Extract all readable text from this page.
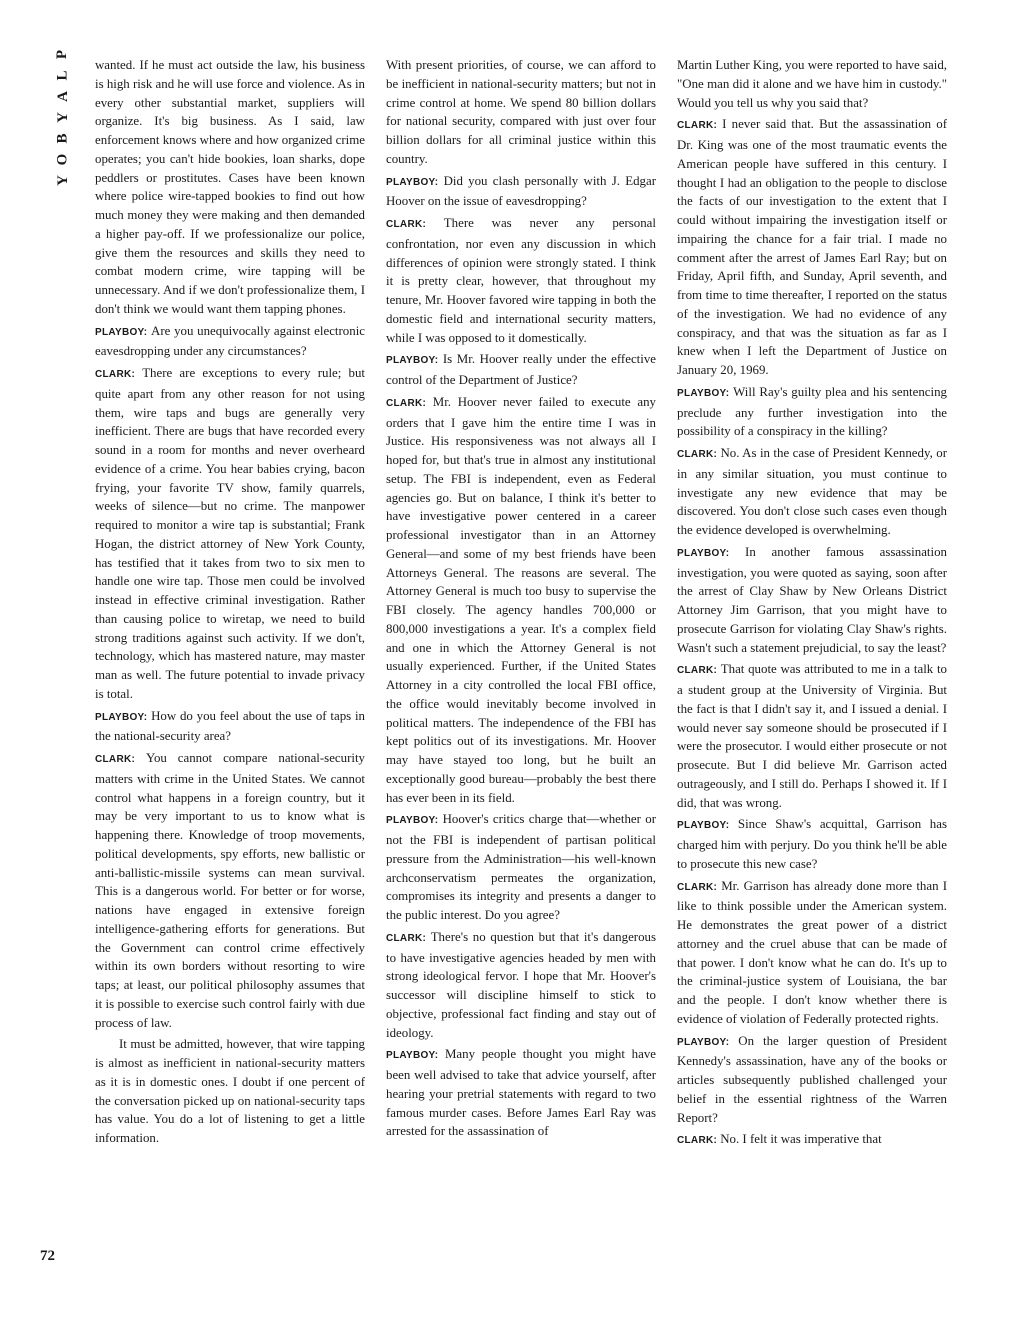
P
L
A
Y
B
O
Y
72

wanted. If he must act outside the law, his business is high risk and he will use force and violence. As in every other substantial market, suppliers will organize. It's big business. As I said, law enforcement knows where and how organized crime operates; you can't hide bookies, loan sharks, dope peddlers or prostitutes. Cases have been known where police wire-tapped bookies to find out how much money they were making and then demanded a higher pay-off. If we professionalize our police, give them the resources and skills they need to combat modern crime, wire tapping will be unnecessary. And if we don't professionalize them, I don't think we would want them tapping phones.

PLAYBOY: Are you unequivocally against electronic eavesdropping under any circumstances?

CLARK: There are exceptions to every rule; but quite apart from any other reason for not using them, wire taps and bugs are generally very inefficient. There are bugs that have recorded every sound in a room for months and never overheard evidence of a crime. You hear babies crying, bacon frying, your favorite TV show, family quarrels, weeks of silence—but no crime. The manpower required to monitor a wire tap is substantial; Frank Hogan, the district attorney of New York County, has testified that it takes from two to six men to handle one wire tap. Those men could be involved instead in effective criminal investigation. Rather than causing police to wiretap, we need to build strong traditions against such activity. If we don't, technology, which has mastered nature, may master man as well. The future potential to invade privacy is total.

PLAYBOY: How do you feel about the use of taps in the national-security area?

CLARK: You cannot compare national-security matters with crime in the United States. We cannot control what happens in a foreign country, but it may be very important to us to know what is happening there. Knowledge of troop movements, political developments, spy efforts, new ballistic or anti-ballistic-missile systems can mean survival. This is a dangerous world. For better or for worse, nations have engaged in extensive foreign intelligence-gathering efforts for generations. But the Government can control crime effectively within its own borders without resorting to wire taps; at least, our political philosophy assumes that it is possible to exercise such control fairly with due process of law.

It must be admitted, however, that wire tapping is almost as inefficient in national-security matters as it is in domestic ones. I doubt if one percent of the conversation picked up on national-security taps has value. You do a lot of listening to get a little information.

With present priorities, of course, we can afford to be inefficient in national-security matters; but not in crime control at home. We spend 80 billion dollars for national security, compared with just over four billion dollars for all criminal justice within this country.

PLAYBOY: Did you clash personally with J. Edgar Hoover on the issue of eavesdropping?

CLARK: There was never any personal confrontation, nor even any discussion in which differences of opinion were strongly stated. I think it is pretty clear, however, that throughout my tenure, Mr. Hoover favored wire tapping in both the domestic field and international security matters, while I was opposed to it domestically.

PLAYBOY: Is Mr. Hoover really under the effective control of the Department of Justice?

CLARK: Mr. Hoover never failed to execute any orders that I gave him the entire time I was in Justice. His responsiveness was not always all I hoped for, but that's true in almost any institutional setup. The FBI is independent, even as Federal agencies go. But on balance, I think it's better to have investigative power centered in a career professional investigator than in an Attorney General—and some of my best friends have been Attorneys General. The reasons are several. The Attorney General is much too busy to supervise the FBI closely. The agency handles 700,000 or 800,000 investigations a year. It's a complex field and one in which the Attorney General is not usually experienced. Further, if the United States Attorney in a city controlled the local FBI office, the office would inevitably become involved in political matters. The independence of the FBI has kept politics out of its investigations. Mr. Hoover may have stayed too long, but he built an exceptionally good bureau—probably the best there has ever been in its field.

PLAYBOY: Hoover's critics charge that—whether or not the FBI is independent of partisan political pressure from the Administration—his well-known archconservatism permeates the organization, compromises its integrity and presents a danger to the public interest. Do you agree?

CLARK: There's no question but that it's dangerous to have investigative agencies headed by men with strong ideological fervor. I hope that Mr. Hoover's successor will discipline himself to stick to objective, professional fact finding and stay out of ideology.

PLAYBOY: Many people thought you might have been well advised to take that advice yourself, after hearing your pretrial statements with regard to two famous murder cases. Before James Earl Ray was arrested for the assassination of

Martin Luther King, you were reported to have said, "One man did it alone and we have him in custody." Would you tell us why you said that?

CLARK: I never said that. But the assassination of Dr. King was one of the most traumatic events the American people have suffered in this century. I thought I had an obligation to the people to disclose the facts of our investigation to the extent that I could without impairing the investigation itself or impairing the chance for a fair trial. I made no comment after the arrest of James Earl Ray; but on Friday, April fifth, and Sunday, April seventh, and from time to time thereafter, I reported on the status of the investigation. We had no evidence of any conspiracy, and that was the situation as far as I knew when I left the Department of Justice on January 20, 1969.

PLAYBOY: Will Ray's guilty plea and his sentencing preclude any further investigation into the possibility of a conspiracy in the killing?

CLARK: No. As in the case of President Kennedy, or in any similar situation, you must continue to investigate any new evidence that may be discovered. You don't close such cases even though the evidence developed is overwhelming.

PLAYBOY: In another famous assassination investigation, you were quoted as saying, soon after the arrest of Clay Shaw by New Orleans District Attorney Jim Garrison, that you might have to prosecute Garrison for violating Clay Shaw's rights. Wasn't such a statement prejudicial, to say the least?

CLARK: That quote was attributed to me in a talk to a student group at the University of Virginia. But the fact is that I didn't say it, and I issued a denial. I would never say someone should be prosecuted if I were the prosecutor. I would either prosecute or not prosecute. But I did believe Mr. Garrison acted outrageously, and I still do. Perhaps I showed it. If I did, that was wrong.

PLAYBOY: Since Shaw's acquittal, Garrison has charged him with perjury. Do you think he'll be able to prosecute this new case?

CLARK: Mr. Garrison has already done more than I like to think possible under the American system. He demonstrates the great power of a district attorney and the cruel abuse that can be made of that power. I don't know what he can do. It's up to the criminal-justice system of Louisiana, the bar and the people. I don't know whether there is evidence of violation of Federally protected rights.

PLAYBOY: On the larger question of President Kennedy's assassination, have any of the books or articles subsequently published challenged your belief in the essential rightness of the Warren Report?

CLARK: No. I felt it was imperative that
